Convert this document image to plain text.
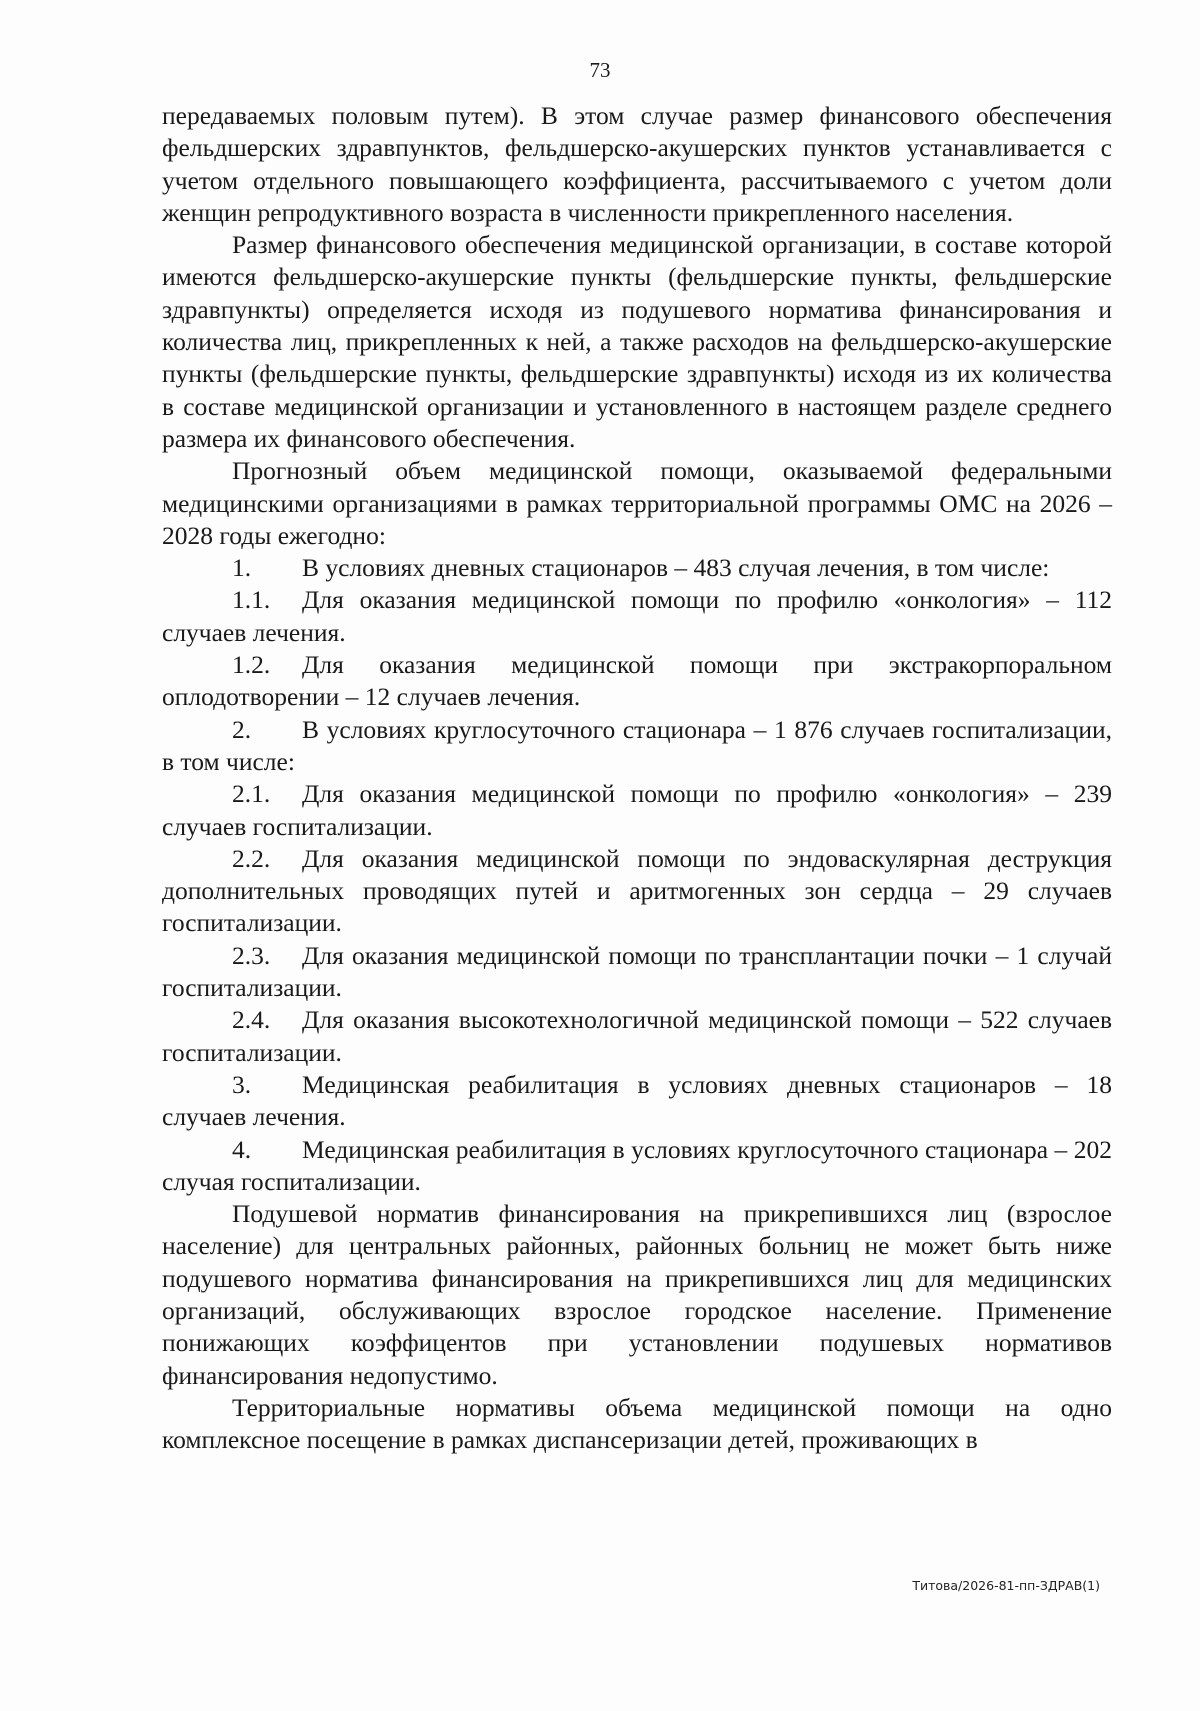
73

передаваемых половым путем). В этом случае размер финансового обеспечения фельдшерских здравпунктов, фельдшерско-акушерских пунктов устанавливается с учетом отдельного повышающего коэффициента, рассчитываемого с учетом доли женщин репродуктивного возраста в численности прикрепленного населения.

Размер финансового обеспечения медицинской организации, в составе которой имеются фельдшерско-акушерские пункты (фельдшерские пункты, фельдшерские здравпункты) определяется исходя из подушевого норматива финансирования и количества лиц, прикрепленных к ней, а также расходов на фельдшерско-акушерские пункты (фельдшерские пункты, фельдшерские здравпункты) исходя из их количества в составе медицинской организации и установленного в настоящем разделе среднего размера их финансового обеспечения.

Прогнозный объем медицинской помощи, оказываемой федеральными медицинскими организациями в рамках территориальной программы ОМС на 2026 – 2028 годы ежегодно:

1. В условиях дневных стационаров – 483 случая лечения, в том числе:

1.1. Для оказания медицинской помощи по профилю «онкология» – 112 случаев лечения.

1.2. Для оказания медицинской помощи при экстракорпоральном оплодотворении – 12 случаев лечения.

2. В условиях круглосуточного стационара – 1 876 случаев госпитализации, в том числе:

2.1. Для оказания медицинской помощи по профилю «онкология» – 239 случаев госпитализации.

2.2. Для оказания медицинской помощи по эндоваскулярная деструкция дополнительных проводящих путей и аритмогенных зон сердца – 29 случаев госпитализации.

2.3. Для оказания медицинской помощи по трансплантации почки – 1 случай госпитализации.

2.4. Для оказания высокотехнологичной медицинской помощи – 522 случаев госпитализации.

3. Медицинская реабилитация в условиях дневных стационаров – 18 случаев лечения.

4. Медицинская реабилитация в условиях круглосуточного стационара – 202 случая госпитализации.

Подушевой норматив финансирования на прикрепившихся лиц (взрослое население) для центральных районных, районных больниц не может быть ниже подушевого норматива финансирования на прикрепившихся лиц для медицинских организаций, обслуживающих взрослое городское население. Применение понижающих коэффицентов при установлении подушевых нормативов финансирования недопустимо.

Территориальные нормативы объема медицинской помощи на одно комплексное посещение в рамках диспансеризации детей, проживающих в

Титова/2026-81-пп-ЗДРАВ(1)
